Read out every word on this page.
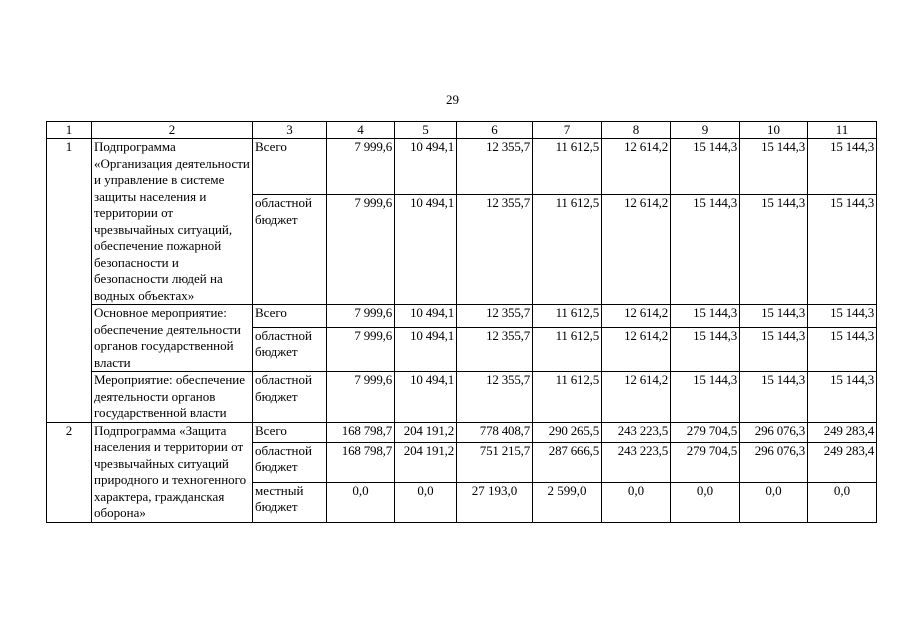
29
1	2	3	4	5	6	7	8	9	10	11
1	Подпрограмма «Организация деятельности и управление в системе защиты населения и территории от чрезвычайных ситуаций, обеспечение пожарной безопасности и безопасности людей на водных объектах»	Всего	7 999,6	10 494,1	12 355,7	11 612,5	12 614,2	15 144,3	15 144,3	15 144,3
		областной бюджет	7 999,6	10 494,1	12 355,7	11 612,5	12 614,2	15 144,3	15 144,3	15 144,3
	Основное мероприятие: обеспечение деятельности органов государственной власти	Всего	7 999,6	10 494,1	12 355,7	11 612,5	12 614,2	15 144,3	15 144,3	15 144,3
		областной бюджет	7 999,6	10 494,1	12 355,7	11 612,5	12 614,2	15 144,3	15 144,3	15 144,3
	Мероприятие: обеспечение деятельности органов государственной власти	областной бюджет	7 999,6	10 494,1	12 355,7	11 612,5	12 614,2	15 144,3	15 144,3	15 144,3
2	Подпрограмма «Защита населения и территории от чрезвычайных ситуаций природного и техногенного характера, гражданская оборона»	Всего	168 798,7	204 191,2	778 408,7	290 265,5	243 223,5	279 704,5	296 076,3	249 283,4
		областной бюджет	168 798,7	204 191,2	751 215,7	287 666,5	243 223,5	279 704,5	296 076,3	249 283,4
		местный бюджет	0,0	0,0	27 193,0	2 599,0	0,0	0,0	0,0	0,0
